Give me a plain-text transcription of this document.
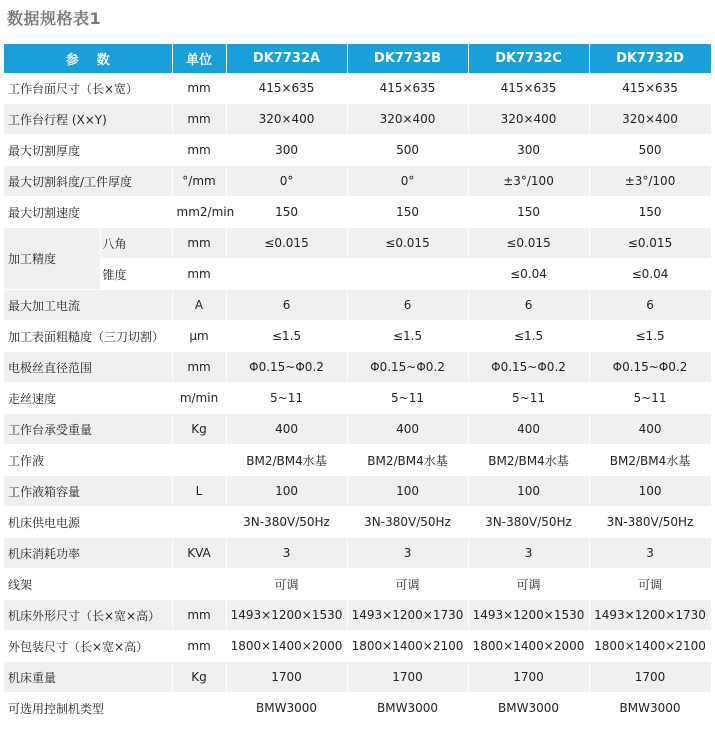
数据规格表1
参数		单位	DK7732A	DK7732B	DK7732C	DK7732D
工作台面尺寸（长×宽）		mm	415×635	415×635	415×635	415×635
工作台行程 (X×Y)		mm	320×400	320×400	320×400	320×400
最大切割厚度		mm	300	500	300	500
最大切割斜度/工件厚度		°/mm	0°	0°	±3°/100	±3°/100
最大切割速度		mm2/min	150	150	150	150
加工精度	八角	mm	≤0.015	≤0.015	≤0.015	≤0.015
	锥度	mm			≤0.04	≤0.04
最大加工电流		A	6	6	6	6
加工表面粗糙度（三刀切割）		μm	≤1.5	≤1.5	≤1.5	≤1.5
电极丝直径范围		mm	Φ0.15~Φ0.2	Φ0.15~Φ0.2	Φ0.15~Φ0.2	Φ0.15~Φ0.2
走丝速度		m/min	5~11	5~11	5~11	5~11
工作台承受重量		Kg	400	400	400	400
工作液			BM2/BM4水基	BM2/BM4水基	BM2/BM4水基	BM2/BM4水基
工作液箱容量		L	100	100	100	100
机床供电电源			3N-380V/50Hz	3N-380V/50Hz	3N-380V/50Hz	3N-380V/50Hz
机床消耗功率		KVA	3	3	3	3
线架			可调	可调	可调	可调
机床外形尺寸（长×宽×高）		mm	1493×1200×1530	1493×1200×1730	1493×1200×1530	1493×1200×1730
外包装尺寸（长×宽×高）		mm	1800×1400×2000	1800×1400×2100	1800×1400×2000	1800×1400×2100
机床重量		Kg	1700	1700	1700	1700
可选用控制机类型			BMW3000	BMW3000	BMW3000	BMW3000
